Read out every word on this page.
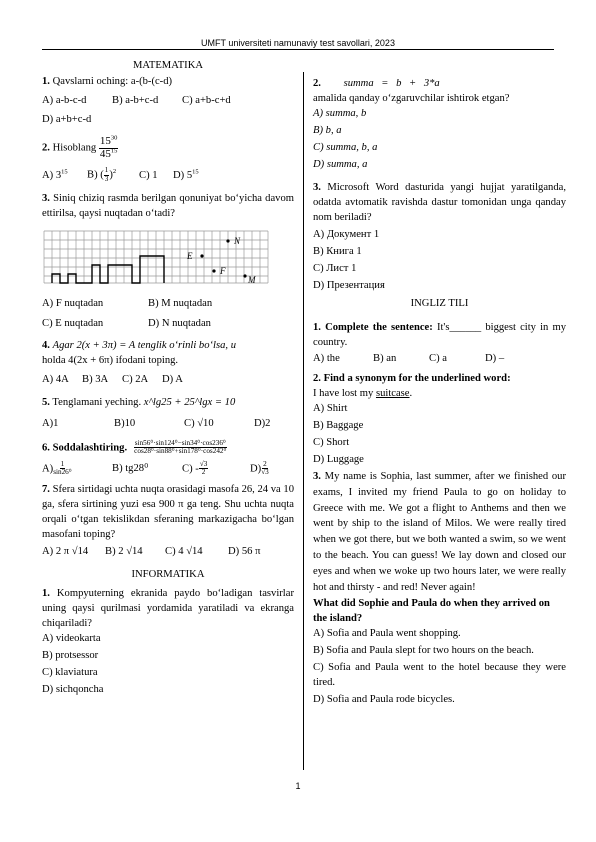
UMFT universiteti namunaviy test savollari, 2023
MATEMATIKA
1. Qavslarni oching: a-(b-(c-d)
A) a-b-c-d	B) a-b+c-d	C) a+b-c+d
D) a+b+c-d
2. Hisoblang $\frac{15^{30}}{45^{15}}$
A) $3^{15}$	B) ( $\frac{1}{3} )^2$	C) 1	D) $5^{15}$
3. Siniq chiziq rasmda berilgan qonuniyat bo‘yicha davom ettirilsa, qaysi nuqtadan o‘tadi?
E
F
N
M
A) F nuqtadan	B) M nuqtadan
C) E nuqtadan	D) N nuqtadan
4. Agar 2(x + 3π) = A tenglik o‘rinli bo‘lsa, u
holda 4(2x + 6π) ifodani toping.
A) 4A	B) 3A	C) 2A	D) A
5. Tenglamani yeching. x^lg25 + 25^lgx = 10
A)1	B)10	C) √10	D)2
6. Soddalashtiring. $\frac{\text{sin56⁰·sin124⁰−sin34⁰·cos236⁰}}{\text{cos28⁰·sin88⁰+sin178⁰·cos242⁰}}$
$A) \frac{1}{\text{sin26⁰}}$	B) tg28⁰	$C) - \frac{√3}{2}$	$D) \frac{2}{√3}$
7. Sfera sirtidagi uchta nuqta orasidagi masofa 26, 24 va 10 ga, sfera sirtining yuzi esa 900 π ga teng. Shu uchta nuqta orqali o‘tgan tekislikdan sferaning markazigacha bo‘lgan masofani toping?
A) 2 π √14	B) 2 √14	C) 4 √14	D) 56 π
INFORMATIKA
1. Kompyuterning ekranida paydo bo‘ladigan tasvirlar uning qaysi qurilmasi yordamida yaratiladi va ekranga chiqariladi?
A) videokarta
B) protsessor
C) klaviatura
D) sichqoncha
2. summa = b + 3*a
amalida qanday o‘zgaruvchilar ishtirok etgan?
A) summa, b
B) b, a
C) summa, b, a
D) summa, a
3. Microsoft Word dasturida yangi hujjat yaratilganda, odatda avtomatik ravishda dastur tomonidan unga qanday nom beriladi?
A) Документ 1
B) Книга 1
C) Лист 1
D) Презентация
INGLIZ TILI
1. Complete the sentence: It's______ biggest city in my country.
A) the	B) an	C) a	D) –
2. Find a synonym for the underlined word:
I have lost my suitcase.
A) Shirt
B) Baggage
C) Short
D) Luggage
3. My name is Sophia, last summer, after we finished our exams, I invited my friend Paula to go on holiday to Greece with me. We got a flight to Anthems and then we went by ship to the island of Milos. We were really tired when we got there, but we both wanted a swim, so we went to the beach. You can guess! We lay down and closed our eyes and when we woke up two hours later, we were really hot and thirsty - and red! Never again!
What did Sophie and Paula do when they arrived on the island?
A) Sofia and Paula went shopping.
B) Sofia and Paula slept for two hours on the beach.
C) Sofia and Paula went to the hotel because they were tired.
D) Sofia and Paula rode bicycles.
1
